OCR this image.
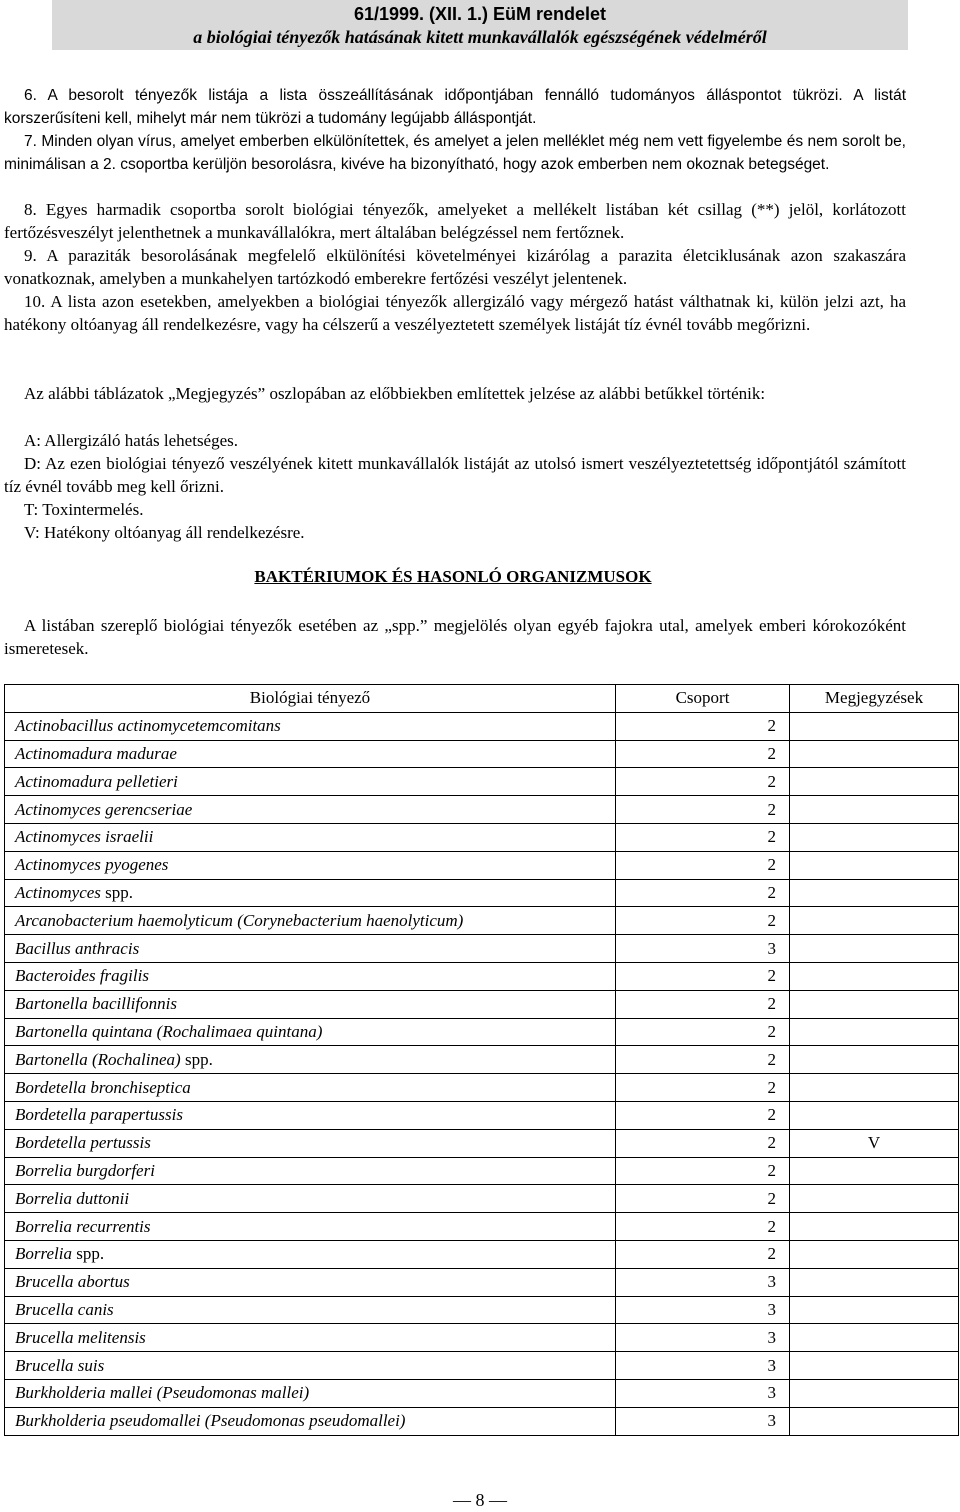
61/1999. (XII. 1.) EüM rendelet
a biológiai tényezők hatásának kitett munkavállalók egészségének védelméről
6. A besorolt tényezők listája a lista összeállításának időpontjában fennálló tudományos álláspontot tükrözi. A listát korszerűsíteni kell, mihelyt már nem tükrözi a tudomány legújabb álláspontját.
7. Minden olyan vírus, amelyet emberben elkülönítettek, és amelyet a jelen melléklet még nem vett figyelembe és nem sorolt be, minimálisan a 2. csoportba kerüljön besorolásra, kivéve ha bizonyítható, hogy azok emberben nem okoznak betegséget.
8. Egyes harmadik csoportba sorolt biológiai tényezők, amelyeket a mellékelt listában két csillag (**) jelöl, korlátozott fertőzésveszélyt jelenthetnek a munkavállalókra, mert általában belégzéssel nem fertőznek.
9. A paraziták besorolásának megfelelő elkülönítési követelményei kizárólag a parazita életciklusának azon szakaszára vonatkoznak, amelyben a munkahelyen tartózkodó emberekre fertőzési veszélyt jelentenek.
10. A lista azon esetekben, amelyekben a biológiai tényezők allergizáló vagy mérgező hatást válthatnak ki, külön jelzi azt, ha hatékony oltóanyag áll rendelkezésre, vagy ha célszerű a veszélyeztetett személyek listáját tíz évnél tovább megőrizni.
Az alábbi táblázatok „Megjegyzés” oszlopában az előbbiekben említettek jelzése az alábbi betűkkel történik:
A: Allergizáló hatás lehetséges.
D: Az ezen biológiai tényező veszélyének kitett munkavállalók listáját az utolsó ismert veszélyeztetettség időpontjától számított tíz évnél tovább meg kell őrizni.
T: Toxintermelés.
V: Hatékony oltóanyag áll rendelkezésre.
BAKTÉRIUMOK ÉS HASONLÓ ORGANIZMUSOK
A listában szereplő biológiai tényezők esetében az „spp.” megjelölés olyan egyéb fajokra utal, amelyek emberi kórokozóként ismeretesek.
Biológiai tényező	Csoport	Megjegyzések
Actinobacillus actinomycetemcomitans	2	
Actinomadura madurae	2	
Actinomadura pelletieri	2	
Actinomyces gerencseriae	2	
Actinomyces israelii	2	
Actinomyces pyogenes	2	
Actinomyces spp.	2	
Arcanobacterium haemolyticum (Corynebacterium haenolyticum)	2	
Bacillus anthracis	3	
Bacteroides fragilis	2	
Bartonella bacillifonnis	2	
Bartonella quintana (Rochalimaea quintana)	2	
Bartonella (Rochalinea) spp.	2	
Bordetella bronchiseptica	2	
Bordetella parapertussis	2	
Bordetella pertussis	2	V
Borrelia burgdorferi	2	
Borrelia duttonii	2	
Borrelia recurrentis	2	
Borrelia spp.	2	
Brucella abortus	3	
Brucella canis	3	
Brucella melitensis	3	
Brucella suis	3	
Burkholderia mallei (Pseudomonas mallei)	3	
Burkholderia pseudomallei (Pseudomonas pseudomallei)	3	
— 8 —
